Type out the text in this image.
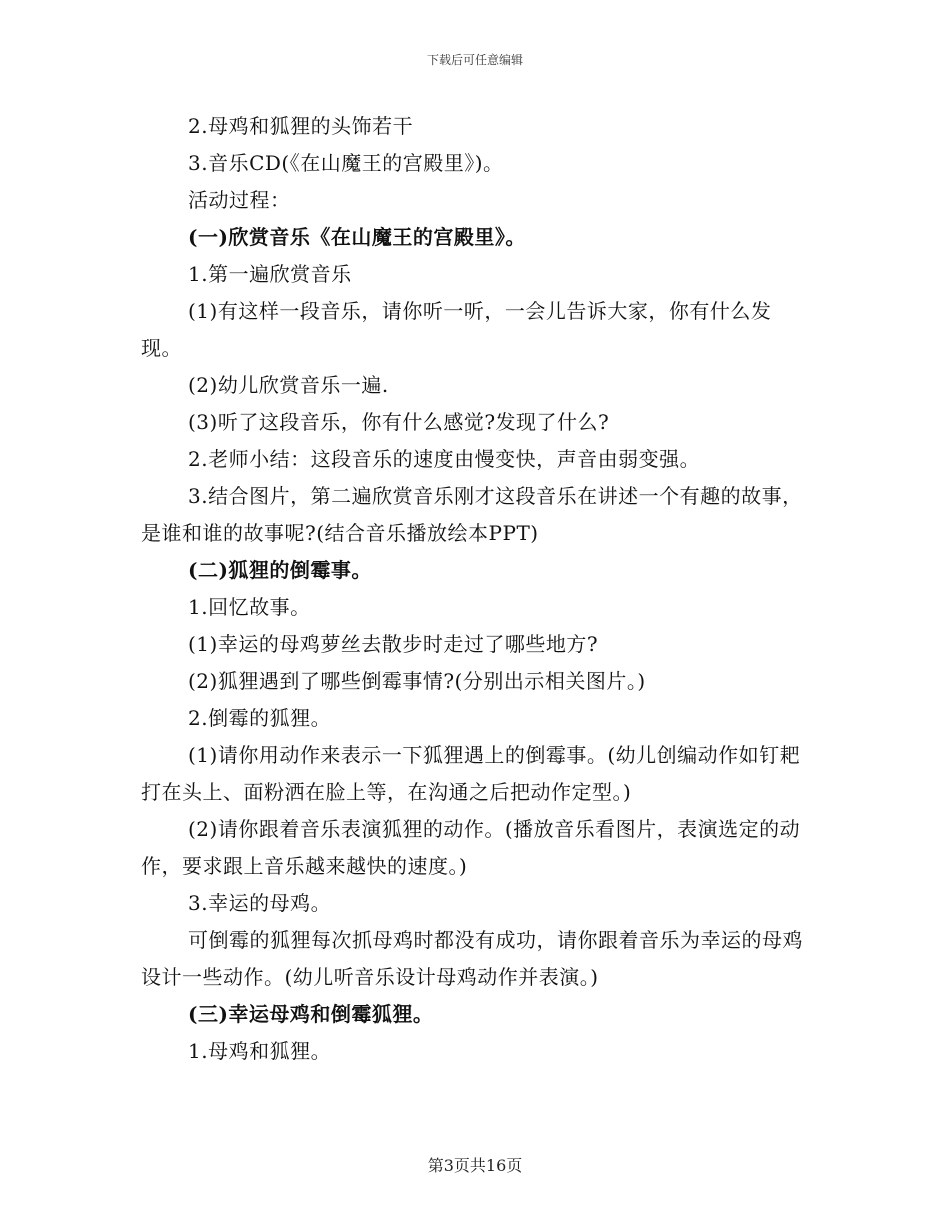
下载后可任意编辑

2.母鸡和狐狸的头饰若干

3.音乐CD(《在山魔王的宫殿里》)。

活动过程：

(一)欣赏音乐《在山魔王的宫殿里》。

1.第一遍欣赏音乐

(1)有这样一段音乐，请你听一听，一会儿告诉大家，你有什么发现。

(2)幼儿欣赏音乐一遍.

(3)听了这段音乐，你有什么感觉?发现了什么?

2.老师小结：这段音乐的速度由慢变快，声音由弱变强。

3.结合图片，第二遍欣赏音乐刚才这段音乐在讲述一个有趣的故事，是谁和谁的故事呢?(结合音乐播放绘本PPT)

(二)狐狸的倒霉事。

1.回忆故事。

(1)幸运的母鸡萝丝去散步时走过了哪些地方?

(2)狐狸遇到了哪些倒霉事情?(分别出示相关图片。)

2.倒霉的狐狸。

(1)请你用动作来表示一下狐狸遇上的倒霉事。(幼儿创编动作如钉耙打在头上、面粉洒在脸上等，在沟通之后把动作定型。)

(2)请你跟着音乐表演狐狸的动作。(播放音乐看图片，表演选定的动作，要求跟上音乐越来越快的速度。)

3.幸运的母鸡。

可倒霉的狐狸每次抓母鸡时都没有成功，请你跟着音乐为幸运的母鸡设计一些动作。(幼儿听音乐设计母鸡动作并表演。)

(三)幸运母鸡和倒霉狐狸。

1.母鸡和狐狸。

第3页共16页
